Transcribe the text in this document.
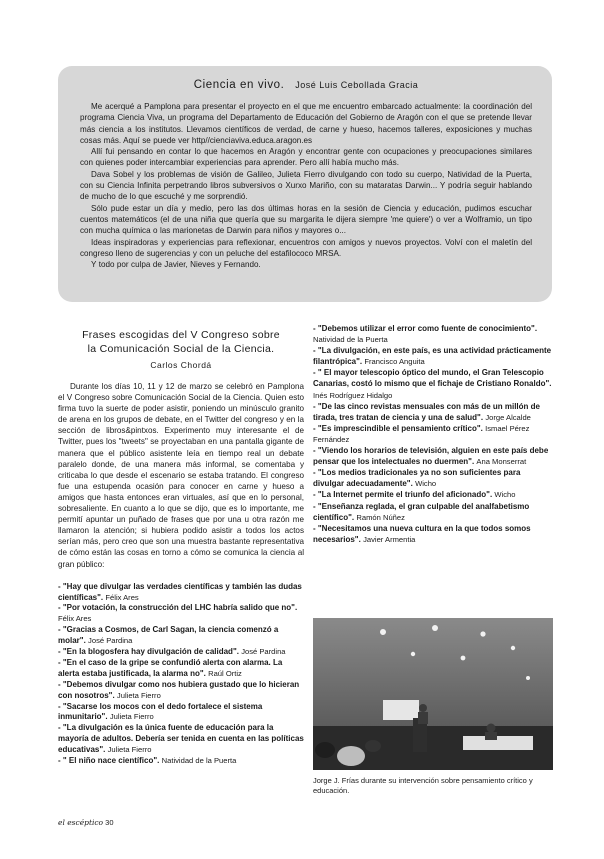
Ciencia en vivo. José Luis Cebollada Gracia

Me acerqué a Pamplona para presentar el proyecto en el que me encuentro embarcado actualmente: la coordinación del programa Ciencia Viva, un programa del Departamento de Educación del Gobierno de Aragón con el que se pretende llevar más ciencia a los institutos. Llevamos científicos de verdad, de carne y hueso, hacemos talleres, exposiciones y muchas cosas más. Aquí se puede ver http//cienciaviva.educa.aragon.es

Allí fui pensando en contar lo que hacemos en Aragón y encontrar gente con ocupaciones y preocupaciones similares con quienes poder intercambiar experiencias para aprender. Pero allí había mucho más.

Dava Sobel y los problemas de visión de Galileo, Julieta Fierro divulgando con todo su cuerpo, Natividad de la Puerta, con su Ciencia Infinita perpetrando libros subversivos o Xurxo Mariño, con su mataratas Darwin... Y podría seguir hablando de mucho de lo que escuché y me sorprendió.

Sólo pude estar un día y medio, pero las dos últimas horas en la sesión de Ciencia y educación, pudimos escuchar cuentos matemáticos (el de una niña que quería que su margarita le dijera siempre 'me quiere') o ver a Wolframio, un tipo con mucha química o las marionetas de Darwin para niños y mayores o...

Ideas inspiradoras y experiencias para reflexionar, encuentros con amigos y nuevos proyectos. Volví con el maletín del congreso lleno de sugerencias y con un peluche del estafilococo MRSA.

Y todo por culpa de Javier, Nieves y Fernando.

Frases escogidas del V Congreso sobre
la Comunicación Social de la Ciencia.
Carlos Chordá

Durante los días 10, 11 y 12 de marzo se celebró en Pamplona el V Congreso sobre Comunicación Social de la Ciencia. Quien esto firma tuvo la suerte de poder asistir, poniendo un minúsculo granito de arena en los grupos de debate, en el Twitter del congreso y en la sección de libros&pintxos. Experimento muy interesante el de Twitter, pues los "tweets" se proyectaban en una pantalla gigante de manera que el público asistente leía en tiempo real un debate paralelo donde, de una manera más informal, se comentaba y criticaba lo que desde el escenario se estaba tratando. El congreso fue una estupenda ocasión para conocer en carne y hueso a amigos que hasta entonces eran virtuales, así que en lo personal, sobresaliente. En cuanto a lo que se dijo, que es lo importante, me permití apuntar un puñado de frases que por una u otra razón me llamaron la atención; si hubiera podido asistir a todos los actos serían más, pero creo que son una muestra bastante representativa de cómo están las cosas en torno a cómo se comunica la ciencia al gran público:

- "Hay que divulgar las verdades científicas y también las dudas científicas". Félix Ares
- "Por votación, la construcción del LHC habría salido que no". Félix Ares
- "Gracias a Cosmos, de Carl Sagan, la ciencia comenzó a molar". José Pardina
- "En la blogosfera hay divulgación de calidad". José Pardina
- "En el caso de la gripe se confundió alerta con alarma. La alerta estaba justificada, la alarma no". Raúl Ortiz
- "Debemos divulgar como nos hubiera gustado que lo hicieran con nosotros". Julieta Fierro
- "Sacarse los mocos con el dedo fortalece el sistema inmunitario". Julieta Fierro
- "La divulgación es la única fuente de educación para la mayoría de adultos. Debería ser tenida en cuenta en las políticas educativas". Julieta Fierro
- " El niño nace científico". Natividad de la Puerta
- "Debemos utilizar el error como fuente de conocimiento". Natividad de la Puerta
- "La divulgación, en este país, es una actividad prácticamente filantrópica". Francisco Anguita
- " El mayor telescopio óptico del mundo, el Gran Telescopio Canarias, costó lo mismo que el fichaje de Cristiano Ronaldo". Inés Rodríguez Hidalgo
- "De las cinco revistas mensuales con más de un millón de tirada, tres tratan de ciencia y una de salud". Jorge Alcalde
- "Es imprescindible el pensamiento crítico". Ismael Pérez Fernández
- "Viendo los horarios de televisión, alguien en este país debe pensar que los intelectuales no duermen". Ana Monserrat
- "Los medios tradicionales ya no son suficientes para divulgar adecuadamente". Wicho
- "La Internet permite el triunfo del aficionado". Wicho
- "Enseñanza reglada, el gran culpable del analfabetismo científico". Ramón Núñez
- "Necesitamos una nueva cultura en la que todos somos necesarios". Javier Armentia
Jorge J. Frías durante su intervención sobre pensamiento crítico y educación.
el escéptico 30
